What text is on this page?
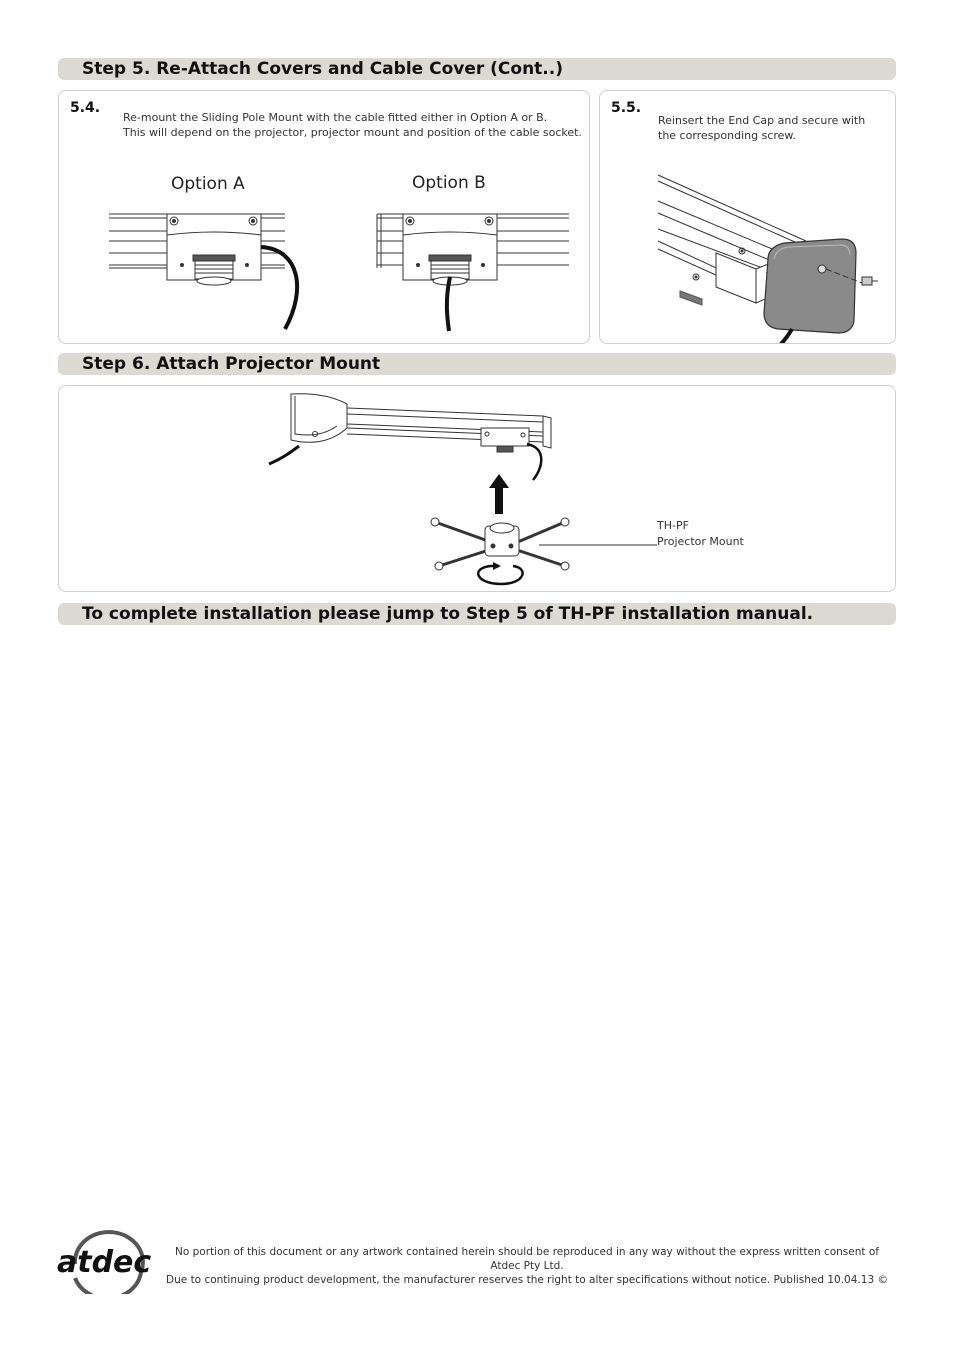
Step 5. Re-Attach Covers and Cable Cover (Cont..)
5.4.
Re-mount the Sliding Pole Mount with the cable fitted either in Option A or B.
This will depend on the projector, projector mount and position of the cable socket.
Option A	Option B
5.5.
Reinsert the End Cap and secure with
the corresponding screw.
Step 6. Attach Projector Mount
TH-PF
Projector Mount
To complete installation please jump to Step 5 of TH-PF installation manual.
atdec	No portion of this document or any artwork contained herein should be reproduced in any way without the express written consent of Atdec Pty Ltd.
Due to continuing product development, the manufacturer reserves the right to alter specifications without notice. Published 10.04.13 ©
